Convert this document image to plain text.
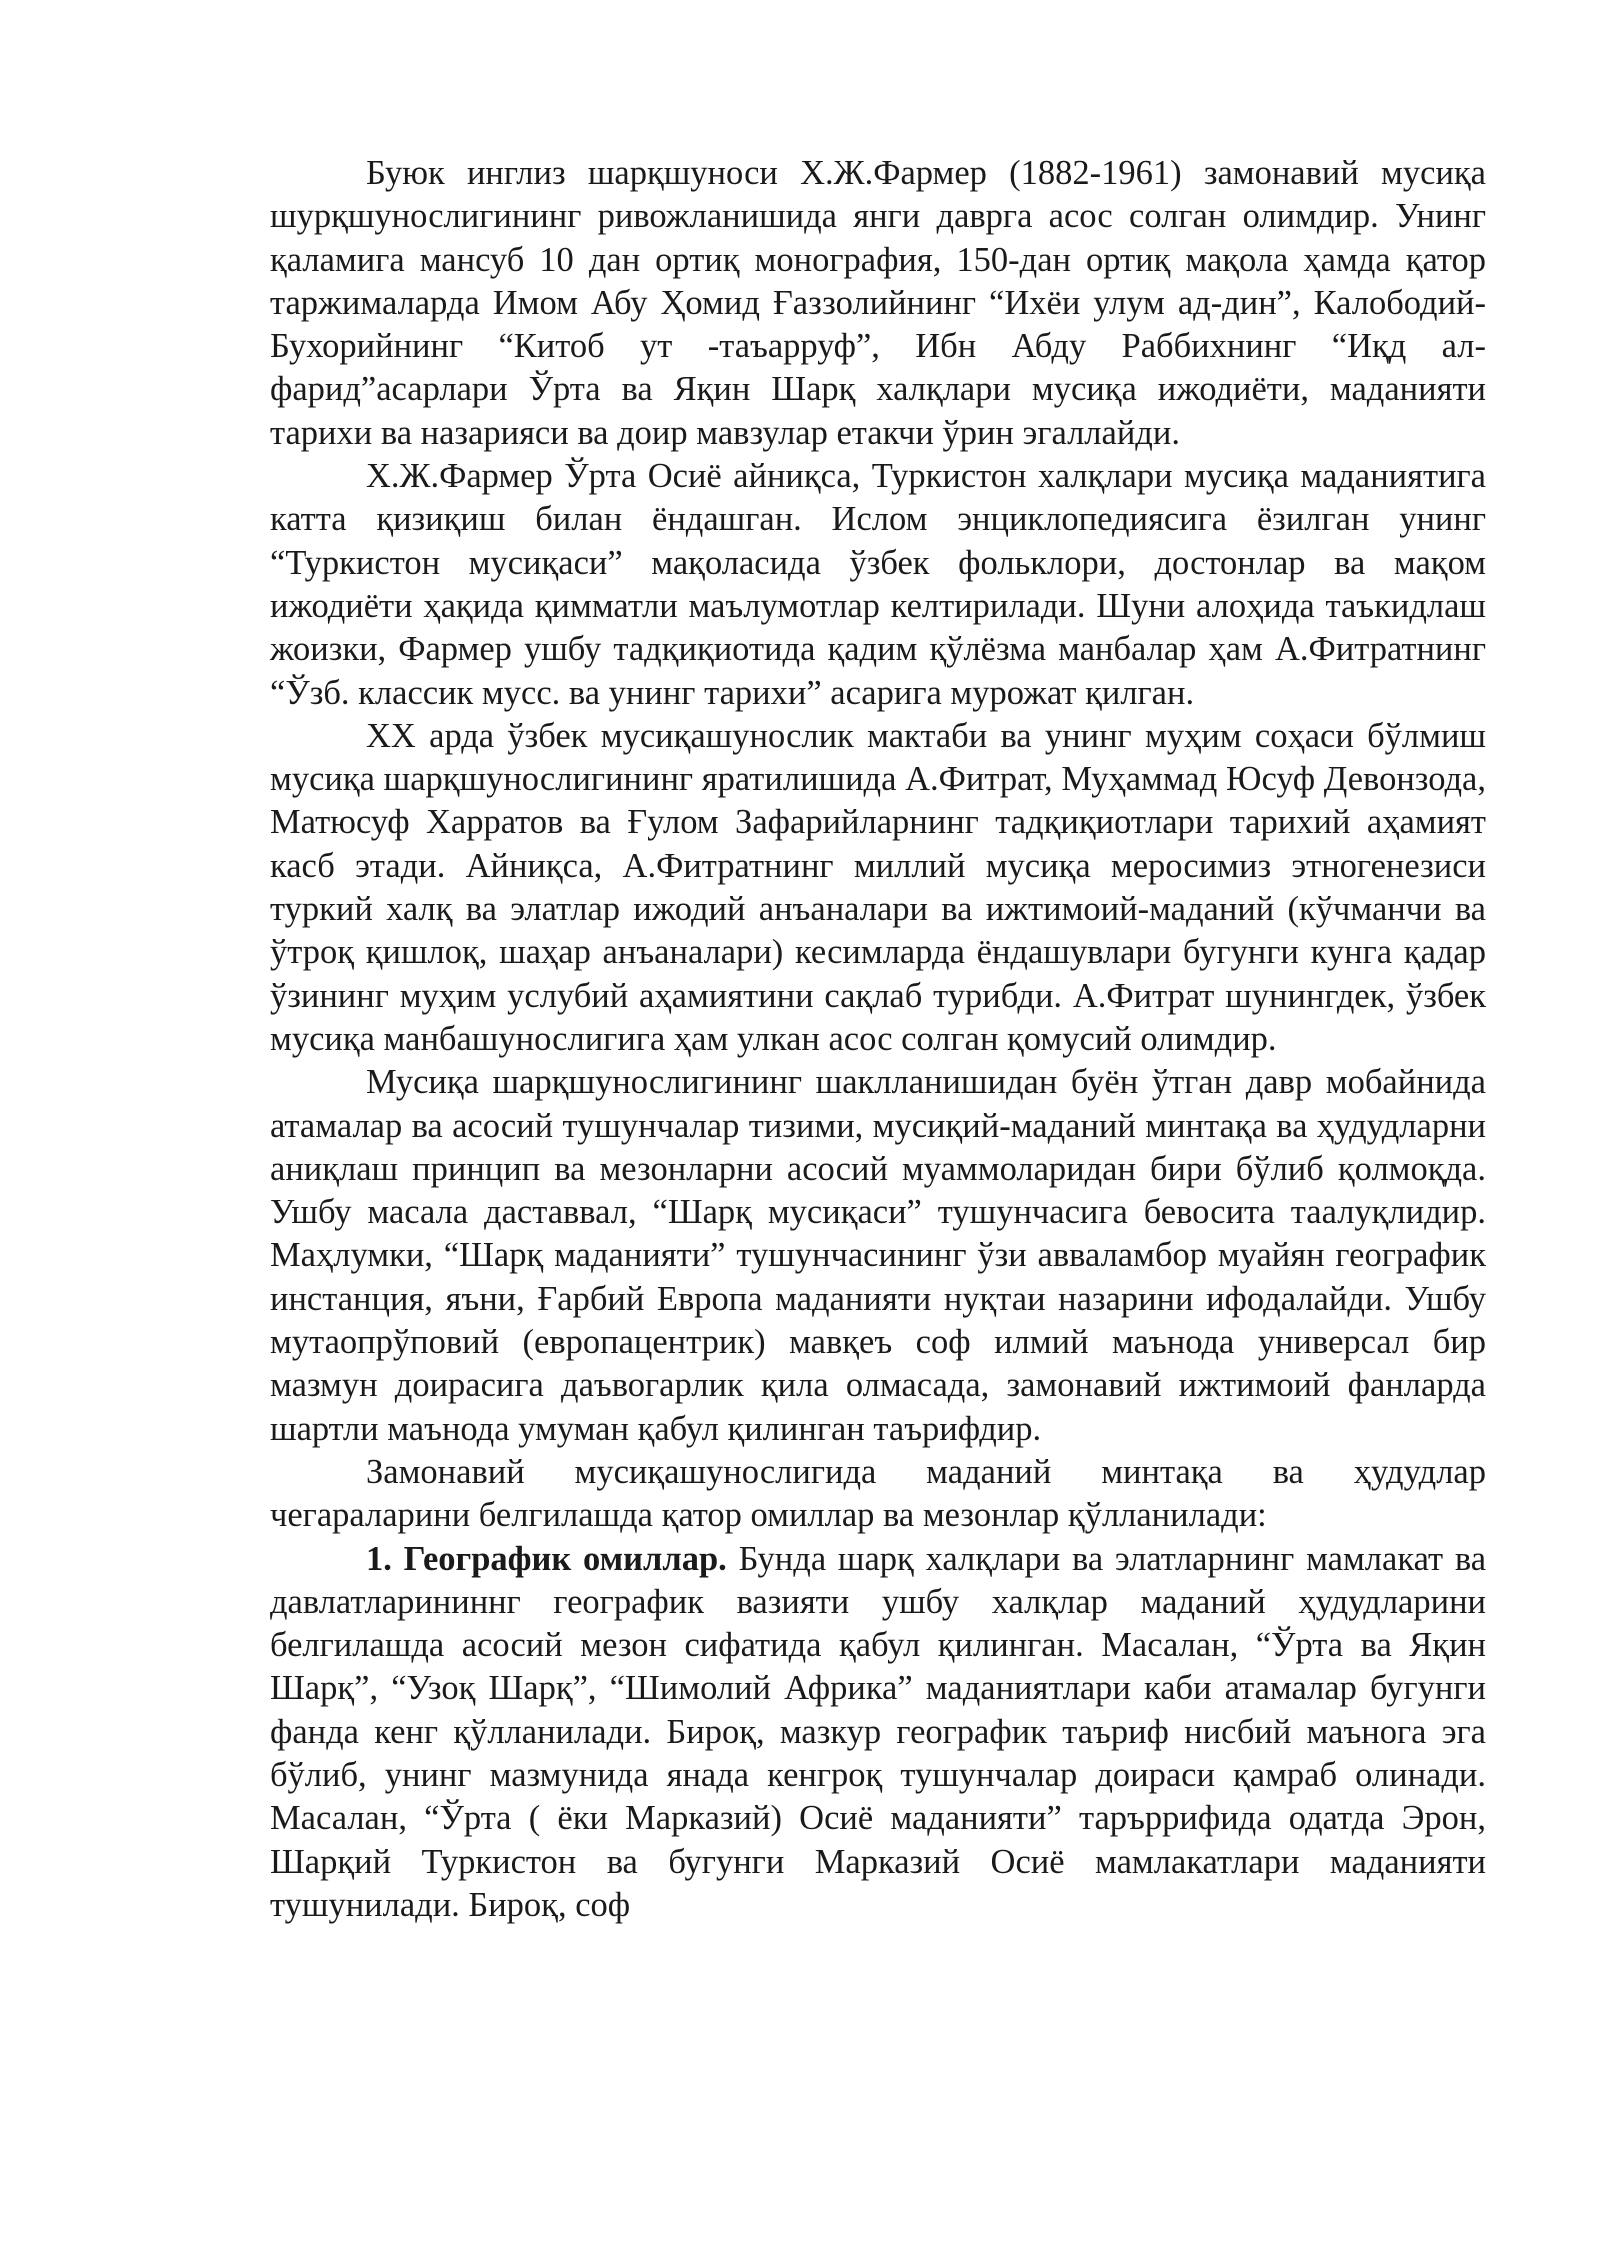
Буюк инглиз шарқшуноси Х.Ж.Фармер (1882-1961) замонавий мусиқа шурқшунослигининг ривожланишида янги даврга асос солган олимдир. Унинг қаламига мансуб 10 дан ортиқ монография, 150-дан ортиқ мақола ҳамда қатор таржималарда Имом Абу Ҳомид Ғаззолийнинг “Ихёи улум ад-дин”, Калободий-Бухорийнинг “Китоб ут -таъарруф”, Ибн Абду Раббихнинг “Иқд ал-фарид”асарлари Ўрта ва Яқин Шарқ халқлари мусиқа ижодиёти, маданияти тарихи ва назарияси ва доир мавзулар етакчи ўрин эгаллайди.

Х.Ж.Фармер Ўрта Осиё айниқса, Туркистон халқлари мусиқа маданиятига катта қизиқиш билан ёндашган. Ислом энциклопедиясига ёзилган унинг “Туркистон мусиқаси” мақоласида ўзбек фольклори, достонлар ва мақом ижодиёти ҳақида қимматли маълумотлар келтирилади. Шуни алоҳида таъкидлаш жоизки, Фармер ушбу тадқиқиотида қадим қўлёзма манбалар ҳам А.Фитратнинг “Ўзб. классик мусс. ва унинг тарихи” асарига мурожат қилган.

XX арда ўзбек мусиқашунослик мактаби ва унинг муҳим соҳаси бўлмиш мусиқа шарқшунослигининг яратилишида А.Фитрат, Муҳаммад Юсуф Девонзода, Матюсуф Харратов ва Ғулом Зафарийларнинг тадқиқиотлари тарихий аҳамият касб этади. Айниқса, А.Фитратнинг миллий мусиқа меросимиз этногенезиси туркий халқ ва элатлар ижодий анъаналари ва ижтимоий-маданий (кўчманчи ва ўтроқ қишлоқ, шаҳар анъаналари) кесимларда ёндашувлари бугунги кунга қадар ўзининг муҳим услубий аҳамиятини сақлаб турибди. А.Фитрат шунингдек, ўзбек мусиқа манбашунослигига ҳам улкан асос солган қомусий олимдир.

Мусиқа шарқшунослигининг шаклланишидан буён ўтган давр мобайнида атамалар ва асосий тушунчалар тизими, мусиқий-маданий минтақа ва ҳудудларни аниқлаш принцип ва мезонларни асосий муаммоларидан бири бўлиб қолмоқда. Ушбу масала даставвал, “Шарқ мусиқаси” тушунчасига бевосита таалуқлидир. Маҳлумки, “Шарқ маданияти” тушунчасининг ўзи авваламбор муайян географик инстанция, яъни, Ғарбий Европа маданияти нуқтаи назарини ифодалайди. Ушбу мутаопрўповий (европацентрик) мавқеъ соф илмий маънода универсал бир мазмун доирасига даъвогарлик қила олмасада, замонавий ижтимоий фанларда шартли маънода умуман қабул қилинган таърифдир.

Замонавий мусиқашунослигида маданий минтақа ва ҳудудлар чегараларини белгилашда қатор омиллар ва мезонлар қўлланилади:

1. Географик омиллар. Бунда шарқ халқлари ва элатларнинг мамлакат ва давлатларининнг географик вазияти ушбу халқлар маданий ҳудудларини белгилашда асосий мезон сифатида қабул қилинган. Масалан, “Ўрта ва Яқин Шарқ”, “Узоқ Шарқ”, “Шимолий Африка” маданиятлари каби атамалар бугунги фанда кенг қўлланилади. Бироқ, мазкур географик таъриф нисбий маънога эга бўлиб, унинг мазмунида янада кенгроқ тушунчалар доираси қамраб олинади. Масалан, “Ўрта ( ёки Марказий) Осиё маданияти” таръррифида одатда Эрон, Шарқий Туркистон ва бугунги Марказий Осиё мамлакатлари маданияти тушунилади. Бироқ, соф
